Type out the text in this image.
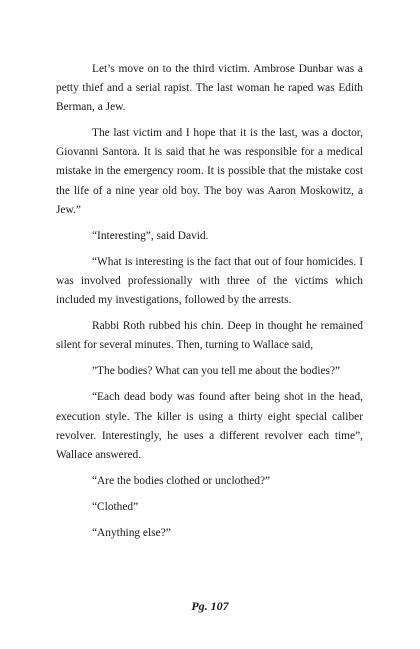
Let’s move on to the third victim. Ambrose Dunbar was a petty thief and a serial rapist. The last woman he raped was Edith Berman, a Jew.

The last victim and I hope that it is the last, was a doctor, Giovanni Santora. It is said that he was responsible for a medical mistake in the emergency room. It is possible that the mistake cost the life of a nine year old boy. The boy was Aaron Moskowitz, a Jew.”

“Interesting”, said David.

“What is interesting is the fact that out of four homicides. I was involved professionally with three of the victims which included my investigations, followed by the arrests.

Rabbi Roth rubbed his chin. Deep in thought he remained silent for several minutes. Then, turning to Wallace said,

”The bodies? What can you tell me about the bodies?”

“Each dead body was found after being shot in the head, execution style. The killer is using a thirty eight special caliber revolver. Interestingly, he uses a different revolver each time”, Wallace answered.

“Are the bodies clothed or unclothed?”

“Clothed”

“Anything else?”

Pg. 107
